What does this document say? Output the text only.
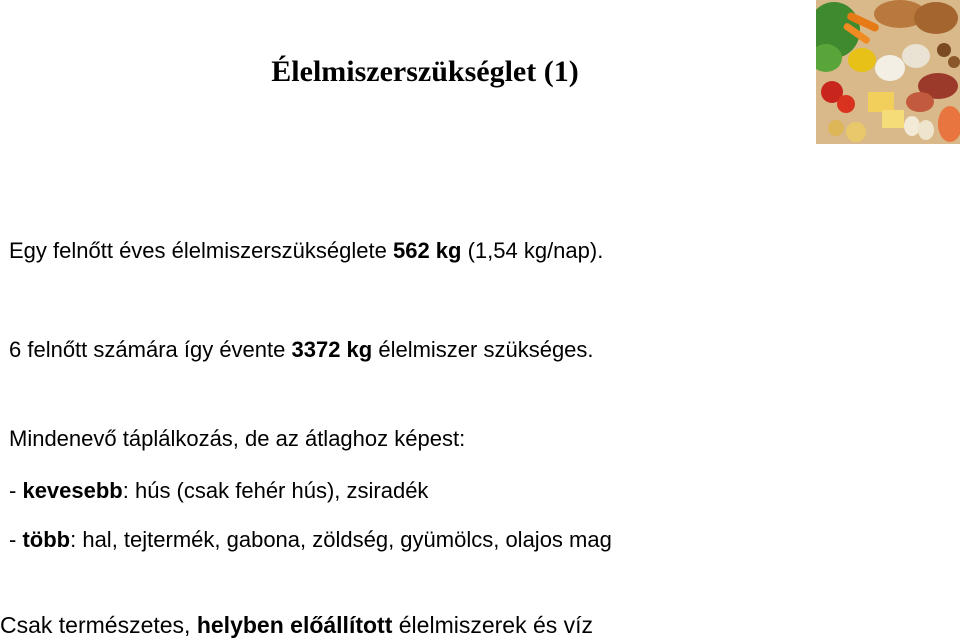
Élelmiszerszükséglet (1)
Egy felnőtt éves élelmiszerszükséglete 562 kg (1,54 kg/nap).
6 felnőtt számára így évente 3372 kg élelmiszer szükséges.
Mindenevő táplálkozás, de az átlaghoz képest:
- kevesebb: hús (csak fehér hús), zsiradék
- több: hal, tejtermék, gabona, zöldség, gyümölcs, olajos mag
Csak természetes, helyben előállított élelmiszerek és víz
